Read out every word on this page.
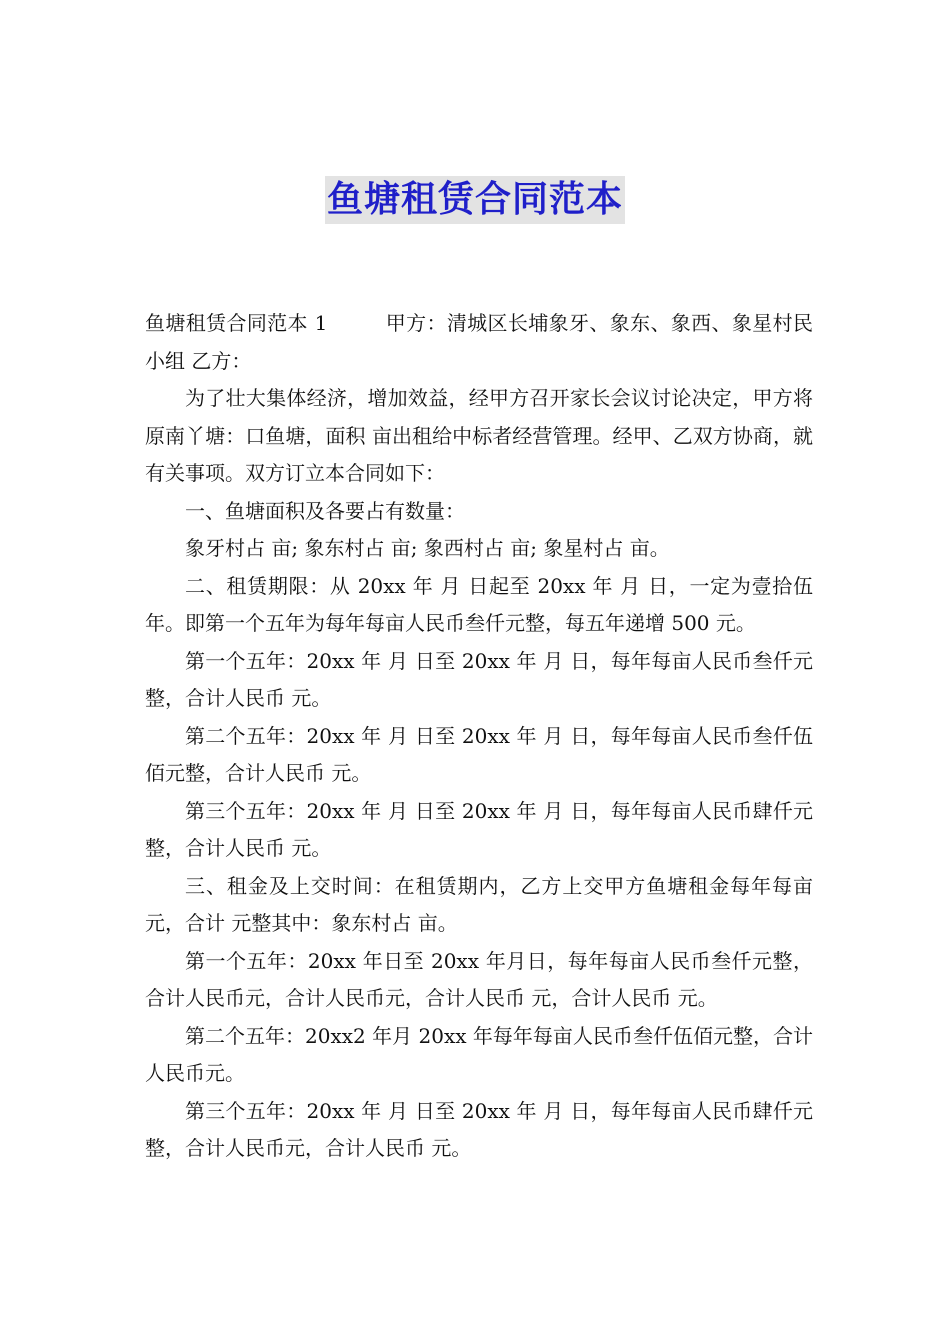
鱼塘租赁合同范本

鱼塘租赁合同范本 1	甲方：清城区长埔象牙、象东、象西、象星村民小组 乙方：

为了壮大集体经济，增加效益，经甲方召开家长会议讨论决定，甲方将原南丫塘：口鱼塘，面积 亩出租给中标者经营管理。经甲、乙双方协商，就有关事项。双方订立本合同如下：

一、鱼塘面积及各要占有数量：

象牙村占 亩; 象东村占 亩; 象西村占 亩; 象星村占 亩。

二、租赁期限：从 20xx 年 月 日起至 20xx 年 月 日，一定为壹拾伍年。即第一个五年为每年每亩人民币叁仟元整，每五年递增 500 元。

第一个五年：20xx 年 月 日至 20xx 年 月 日，每年每亩人民币叁仟元整，合计人民币 元。

第二个五年：20xx 年 月 日至 20xx 年 月 日，每年每亩人民币叁仟伍佰元整，合计人民币 元。

第三个五年：20xx 年 月 日至 20xx 年 月 日，每年每亩人民币肆仟元整，合计人民币 元。

三、租金及上交时间：在租赁期内，乙方上交甲方鱼塘租金每年每亩 元，合计 元整其中：象东村占 亩。

第一个五年：20xx 年日至 20xx 年月日，每年每亩人民币叁仟元整，合计人民币元，合计人民币元，合计人民币 元，合计人民币 元。

第二个五年：20xx2 年月 20xx 年每年每亩人民币叁仟伍佰元整，合计人民币元。

第三个五年：20xx 年 月 日至 20xx 年 月 日，每年每亩人民币肆仟元整，合计人民币元，合计人民币 元。
